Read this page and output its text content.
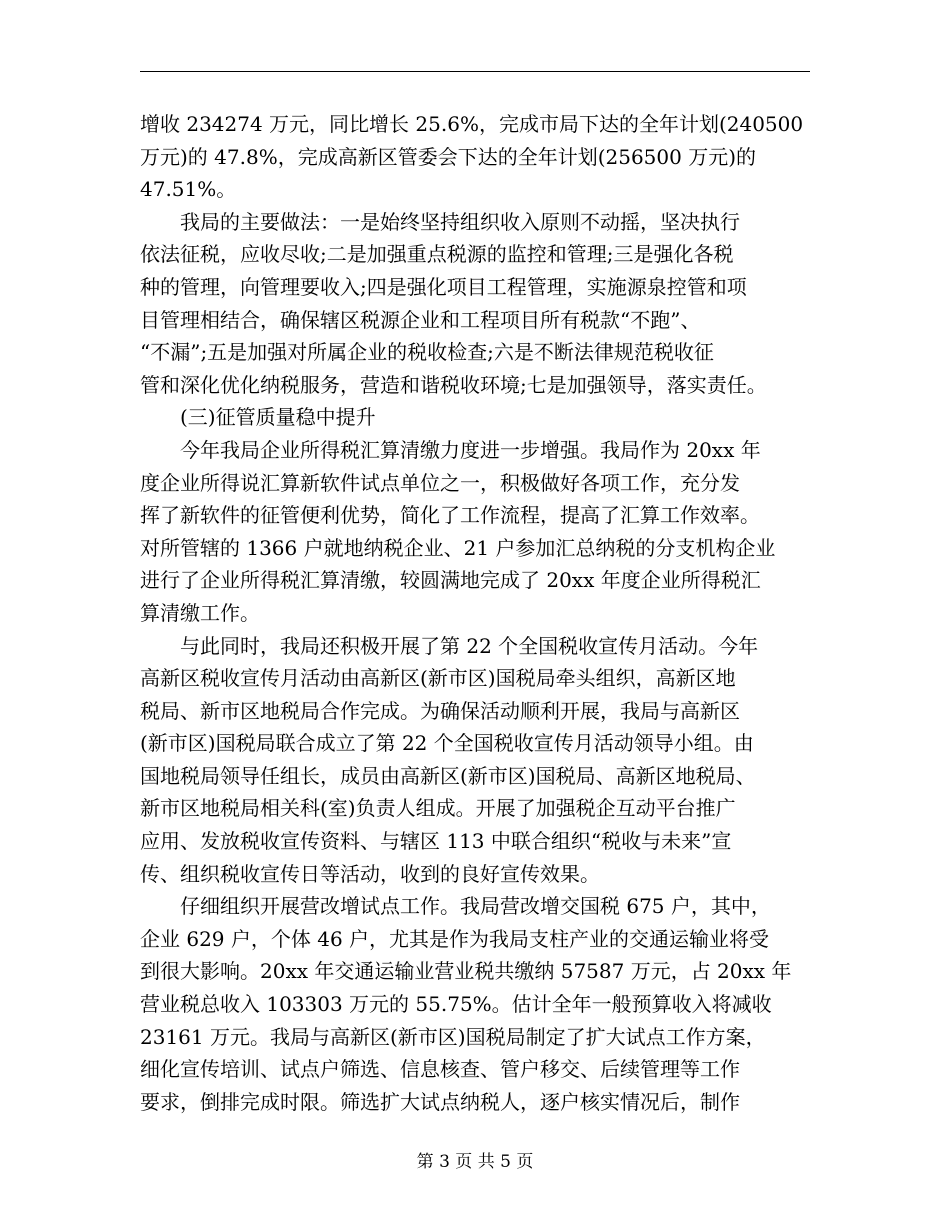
增收 234274 万元，同比增长 25.6%，完成市局下达的全年计划(240500
万元)的 47.8%，完成高新区管委会下达的全年计划(256500 万元)的
47.51%。
　　我局的主要做法：一是始终坚持组织收入原则不动摇，坚决执行
依法征税，应收尽收;二是加强重点税源的监控和管理;三是强化各税
种的管理，向管理要收入;四是强化项目工程管理，实施源泉控管和项
目管理相结合，确保辖区税源企业和工程项目所有税款“不跑”、
“不漏”;五是加强对所属企业的税收检查;六是不断法律规范税收征
管和深化优化纳税服务，营造和谐税收环境;七是加强领导，落实责任。
　　(三)征管质量稳中提升
　　今年我局企业所得税汇算清缴力度进一步增强。我局作为 20xx 年
度企业所得说汇算新软件试点单位之一，积极做好各项工作，充分发
挥了新软件的征管便利优势，简化了工作流程，提高了汇算工作效率。
对所管辖的 1366 户就地纳税企业、21 户参加汇总纳税的分支机构企业
进行了企业所得税汇算清缴，较圆满地完成了 20xx 年度企业所得税汇
算清缴工作。
　　与此同时，我局还积极开展了第 22 个全国税收宣传月活动。今年
高新区税收宣传月活动由高新区(新市区)国税局牵头组织，高新区地
税局、新市区地税局合作完成。为确保活动顺利开展，我局与高新区
(新市区)国税局联合成立了第 22 个全国税收宣传月活动领导小组。由
国地税局领导任组长，成员由高新区(新市区)国税局、高新区地税局、
新市区地税局相关科(室)负责人组成。开展了加强税企互动平台推广
应用、发放税收宣传资料、与辖区 113 中联合组织“税收与未来”宣
传、组织税收宣传日等活动，收到的良好宣传效果。
　　仔细组织开展营改增试点工作。我局营改增交国税 675 户，其中，
企业 629 户，个体 46 户，尤其是作为我局支柱产业的交通运输业将受
到很大影响。20xx 年交通运输业营业税共缴纳 57587 万元，占 20xx 年
营业税总收入 103303 万元的 55.75%。估计全年一般预算收入将减收
23161 万元。我局与高新区(新市区)国税局制定了扩大试点工作方案，
细化宣传培训、试点户筛选、信息核查、管户移交、后续管理等工作
要求，倒排完成时限。筛选扩大试点纳税人，逐户核实情况后，制作
第 3 页 共 5 页
